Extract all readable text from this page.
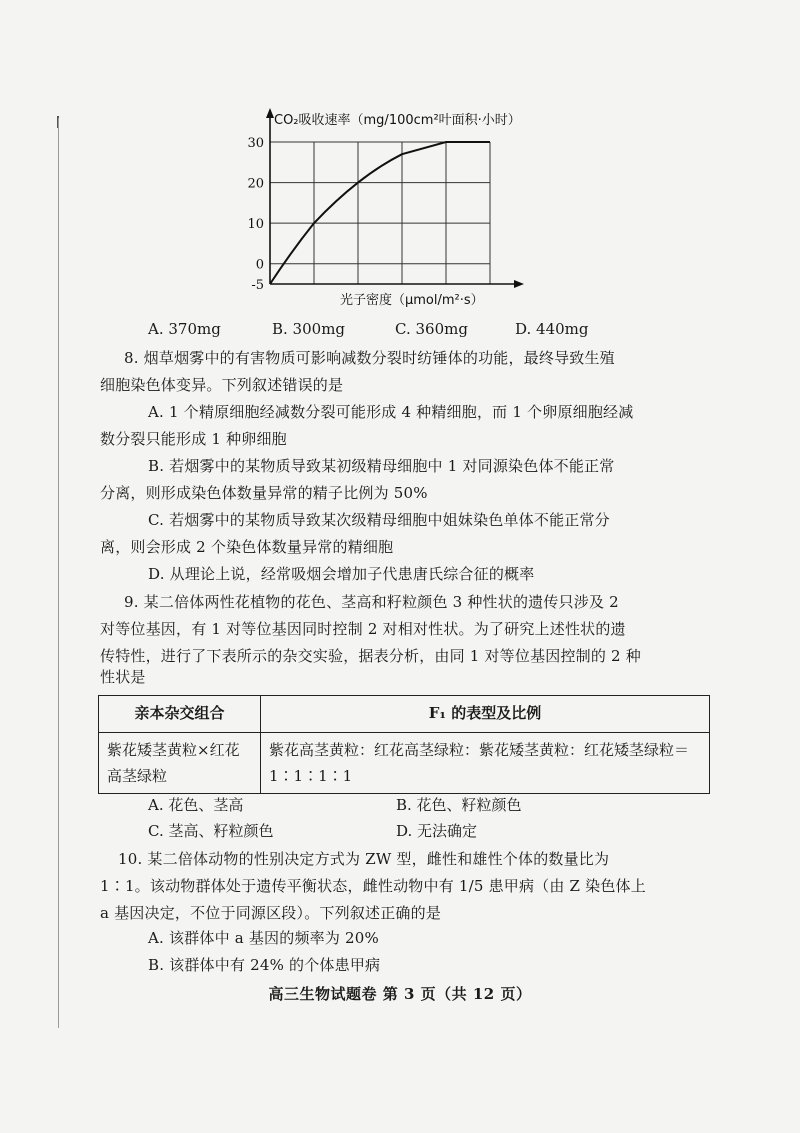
30
20
10
0
-5
CO₂吸收速率（mg/100cm²叶面积·小时）
光子密度（μmol/m²·s）
A. 370mg	B. 300mg	C. 360mg	D. 440mg
8. 烟草烟雾中的有害物质可影响减数分裂时纺锤体的功能，最终导致生殖
细胞染色体变异。下列叙述错误的是
A. 1 个精原细胞经减数分裂可能形成 4 种精细胞，而 1 个卵原细胞经减
数分裂只能形成 1 种卵细胞
B. 若烟雾中的某物质导致某初级精母细胞中 1 对同源染色体不能正常
分离，则形成染色体数量异常的精子比例为 50%
C. 若烟雾中的某物质导致某次级精母细胞中姐妹染色单体不能正常分
离，则会形成 2 个染色体数量异常的精细胞
D. 从理论上说，经常吸烟会增加子代患唐氏综合征的概率
9. 某二倍体两性花植物的花色、茎高和籽粒颜色 3 种性状的遗传只涉及 2
对等位基因，有 1 对等位基因同时控制 2 对相对性状。为了研究上述性状的遗
传特性，进行了下表所示的杂交实验，据表分析，由同 1 对等位基因控制的 2 种
性状是
亲本杂交组合	F₁ 的表型及比例
紫花矮茎黄粒×红花高茎绿粒	紫花高茎黄粒：红花高茎绿粒：紫花矮茎黄粒：红花矮茎绿粒＝1∶1∶1∶1
A. 花色、茎高	B. 花色、籽粒颜色
C. 茎高、籽粒颜色	D. 无法确定
10. 某二倍体动物的性别决定方式为 ZW 型，雌性和雄性个体的数量比为
1∶1。该动物群体处于遗传平衡状态，雌性动物中有 1/5 患甲病（由 Z 染色体上
a 基因决定，不位于同源区段）。下列叙述正确的是
A. 该群体中 a 基因的频率为 20%
B. 该群体中有 24% 的个体患甲病
高三生物试题卷 第 3 页（共 12 页）
